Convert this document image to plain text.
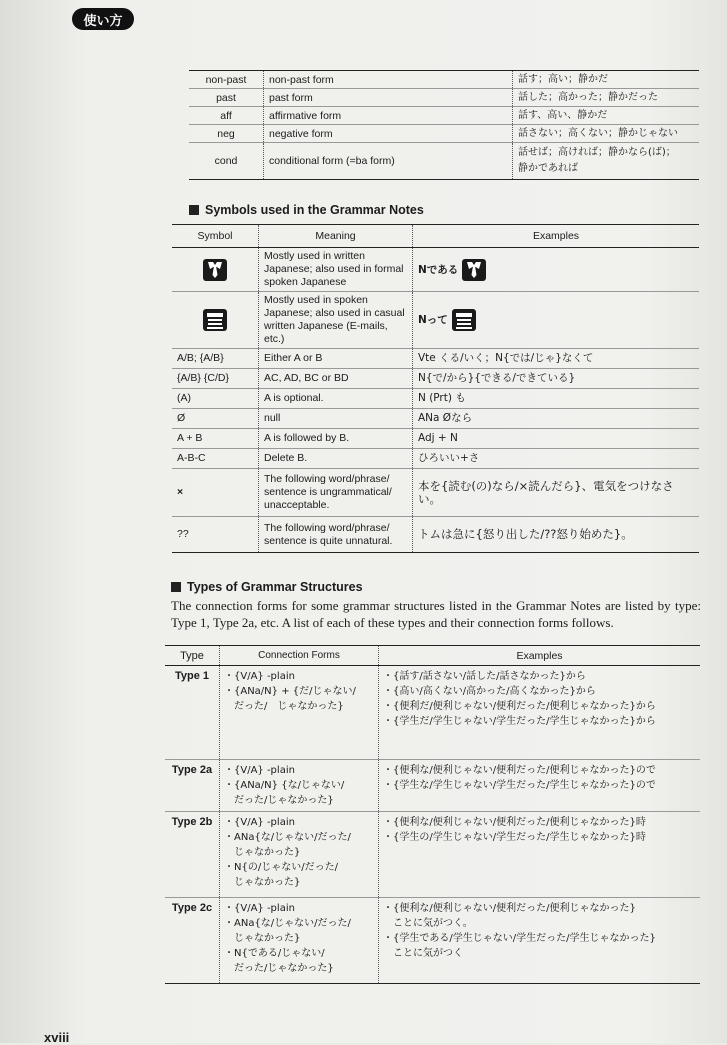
使い方
non-past	non-past form	話す；高い；静かだ
past	past form	話した；高かった；静かだった
aff	affirmative form	話す、高い、静かだ
neg	negative form	話さない；高くない；静かじゃない
cond	conditional form (=ba form)	話せば；高ければ；静かなら(ば)；
静かであれば
Symbols used in the Grammar Notes
Symbol	Meaning	Examples

	Mostly used in written Japanese; also used in formal spoken Japanese	Nである

	Mostly used in spoken Japanese; also used in casual written Japanese (E-mails, etc.)	Nって

A/B; {A/B}	Either A or B	Vte くる/いく；N{では/じゃ}なくて
{A/B} {C/D}	AC, AD, BC or BD	N{で/から}{できる/できている}
(A)	A is optional.	N (Prt) も
Ø	null	ANa Øなら
A + B	A is followed by B.	Adj + N
A-B-C	Delete B.	ひろいい+さ
×	The following word/phrase/ sentence is ungrammatical/ unacceptable.	本を{読む(の)なら/×読んだら}、電気をつけなさい。
??	The following word/phrase/ sentence is quite unnatural.	トムは急に{怒り出した/??怒り始めた}。
Types of Grammar Structures

The connection forms for some grammar structures listed in the Grammar Notes are listed by type: Type 1, Type 2a, etc. A list of each of these types and their connection forms follows.

Type	Connection Forms	Examples
Type 1	・{V/A} -plain
・{ANa/N} + {だ/じゃない/
　だった/　じゃなかった}	・{話す/話さない/話した/話さなかった}から
・{高い/高くない/高かった/高くなかった}から
・{便利だ/便利じゃない/便利だった/便利じゃなかった}から
・{学生だ/学生じゃない/学生だった/学生じゃなかった}から

Type 2a	・{V/A} -plain
・{ANa/N} {な/じゃない/
　だった/じゃなかった}	・{便利な/便利じゃない/便利だった/便利じゃなかった}ので
・{学生な/学生じゃない/学生だった/学生じゃなかった}ので

Type 2b	・{V/A} -plain
・ANa{な/じゃない/だった/
　じゃなかった}
・N{の/じゃない/だった/
　じゃなかった}	・{便利な/便利じゃない/便利だった/便利じゃなかった}時
・{学生の/学生じゃない/学生だった/学生じゃなかった}時

Type 2c	・{V/A} -plain
・ANa{な/じゃない/だった/
　じゃなかった}
・N{である/じゃない/
　だった/じゃなかった}	・{便利な/便利じゃない/便利だった/便利じゃなかった}
　ことに気がつく。
・{学生である/学生じゃない/学生だった/学生じゃなかった}
　ことに気がつく
xviii
